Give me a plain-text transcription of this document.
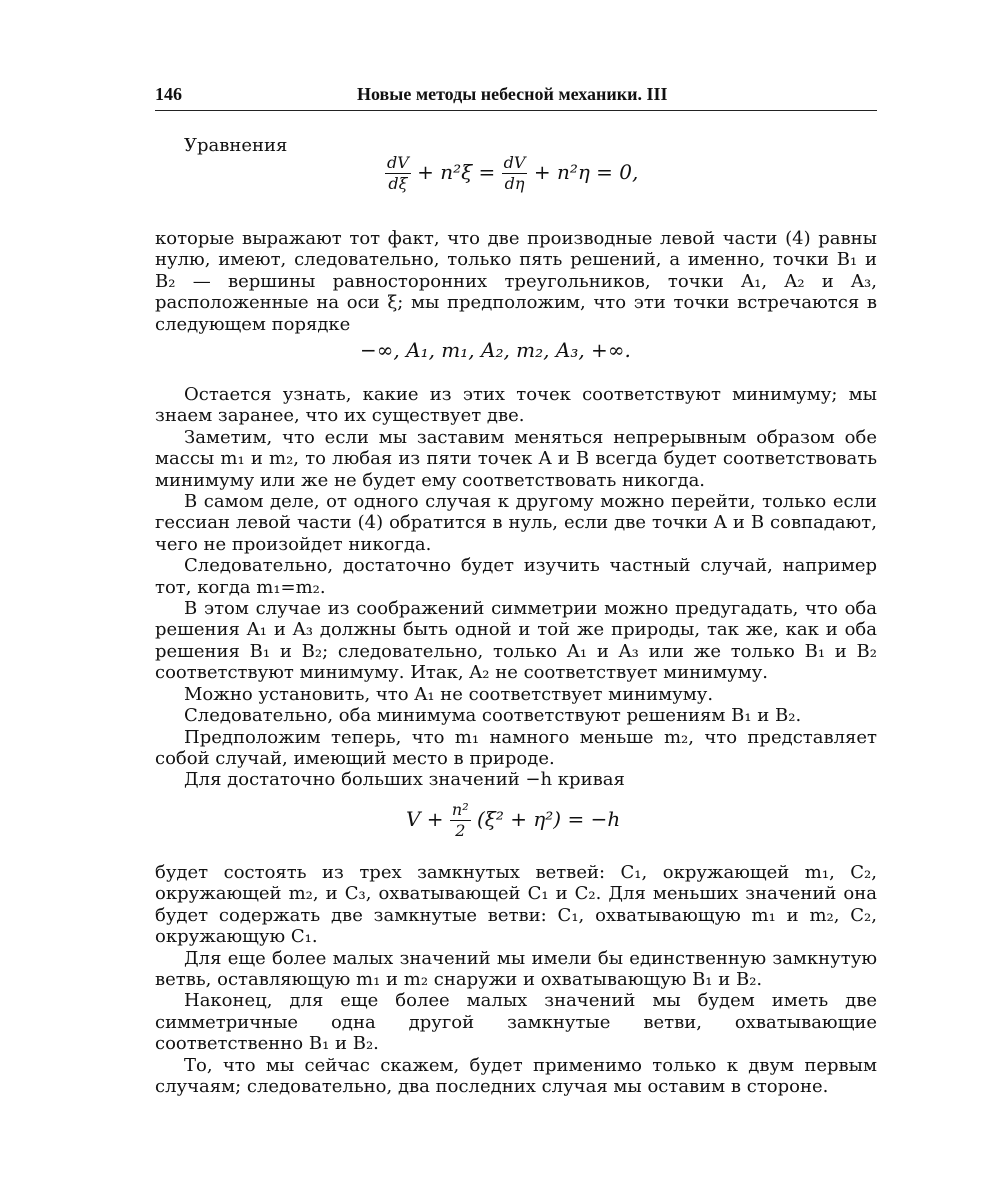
146	Новые методы небесной механики. III
Уравнения
$\frac{dV}{d\xi} + n^2\xi = \frac{dV}{d\eta} + n^2\eta = 0$,
которые выражают тот факт, что две производные левой части (4) равны нулю, имеют, следовательно, только пять решений, а именно, точки B₁ и B₂ — вершины равносторонних треугольников, точки A₁, A₂ и A₃, расположенные на оси ξ; мы предположим, что эти точки встречаются в следующем порядке
−∞, A₁, m₁, A₂, m₂, A₃, +∞.

Остается узнать, какие из этих точек соответствуют минимуму; мы знаем заранее, что их существует две.

Заметим, что если мы заставим меняться непрерывным образом обе массы m₁ и m₂, то любая из пяти точек A и B всегда будет соответствовать минимуму или же не будет ему соответствовать никогда.

В самом деле, от одного случая к другому можно перейти, только если гессиан левой части (4) обратится в нуль, если две точки A и B совпадают, чего не произойдет никогда.

Следовательно, достаточно будет изучить частный случай, например тот, когда m₁=m₂.

В этом случае из соображений симметрии можно предугадать, что оба решения A₁ и A₃ должны быть одной и той же природы, так же, как и оба решения B₁ и B₂; следовательно, только A₁ и A₃ или же только B₁ и B₂ соответствуют минимуму. Итак, A₂ не соответствует минимуму.

Можно установить, что A₁ не соответствует минимуму.

Следовательно, оба минимума соответствуют решениям B₁ и B₂.

Предположим теперь, что m₁ намного меньше m₂, что представляет собой случай, имеющий место в природе.

Для достаточно больших значений −h кривая

$V + \frac{\text{n²}}{2} (\xi^2 + \eta^2) = -h$

будет состоять из трех замкнутых ветвей: C₁, окружающей m₁, C₂, окружающей m₂, и C₃, охватывающей C₁ и C₂. Для меньших значений она будет содержать две замкнутые ветви: C₁, охватывающую m₁ и m₂, C₂, окружающую C₁.

Для еще более малых значений мы имели бы единственную замкнутую ветвь, оставляющую m₁ и m₂ снаружи и охватывающую B₁ и B₂.

Наконец, для еще более малых значений мы будем иметь две симметричные одна другой замкнутые ветви, охватывающие соответственно B₁ и B₂.

То, что мы сейчас скажем, будет применимо только к двум первым случаям; следовательно, два последних случая мы оставим в стороне.
